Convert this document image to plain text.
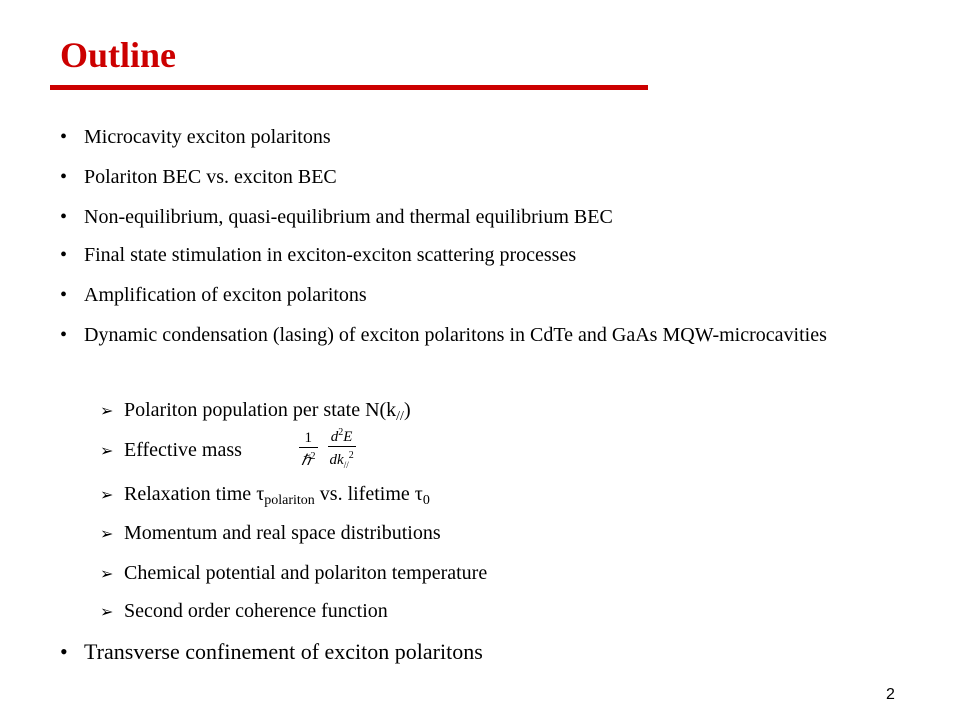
Outline
• Microcavity exciton polaritons
• Polariton BEC vs. exciton BEC
• Non-equilibrium, quasi-equilibrium and thermal equilibrium BEC
• Final state stimulation in exciton-exciton scattering processes
• Amplification of exciton polaritons
• Dynamic condensation (lasing) of exciton polaritons in CdTe and GaAs MQW-microcavities
➢ Polariton population per state $N(k_{//})$
➢ Effective mass	$\frac{1}{\hbar^2}$
$\frac{d^2E}{dk_{//}^2}$
➢ Relaxation time $\tau_{polariton}$ vs. lifetime $\tau_0$
➢ Momentum and real space distributions
➢ Chemical potential and polariton temperature
➢ Second order coherence function
• Transverse confinement of exciton polaritons
2
